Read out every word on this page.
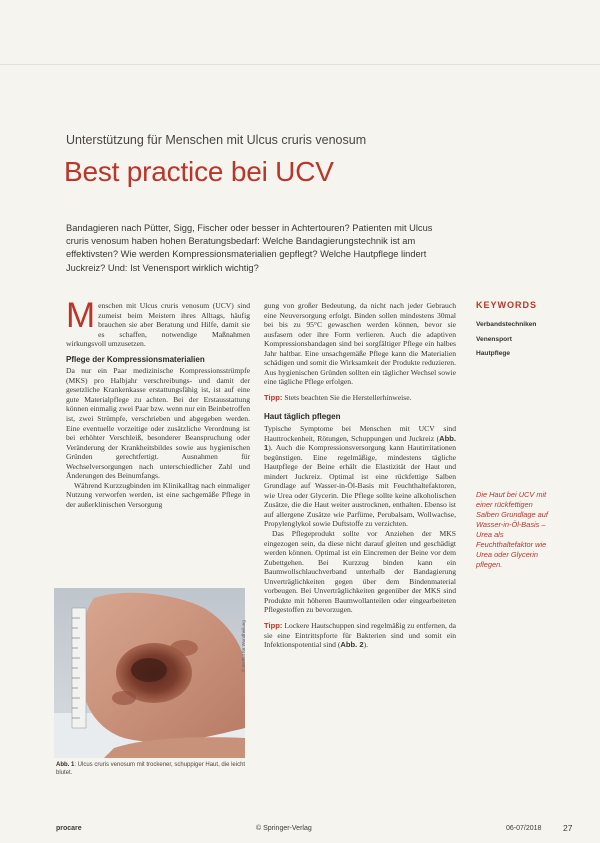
Unterstützung für Menschen mit Ulcus cruris venosum
Best practice bei UCV
Bandagieren nach Pütter, Sigg, Fischer oder besser in Achtertouren? Patienten mit Ulcus cruris venosum haben hohen Beratungsbedarf: Welche Bandagierungstechnik ist am effektivsten? Wie werden Kompressionsmaterialien gepflegt? Welche Hautpflege lindert Juckreiz? Und: Ist Venensport wirklich wichtig?
M enschen mit Ulcus cruris venosum (UCV) sind zumeist beim Meistern ihres Alltags, häufig brauchen sie aber Beratung und Hilfe, damit sie es schaffen, notwendige Maßnahmen wirkungsvoll umzusetzen.

Pflege der Kompressionsmaterialien

Da nur ein Paar medizinische Kompressionsstrümpfe (MKS) pro Halbjahr verschreibungs- und damit der gesetzliche Krankenkasse erstattungsfähig ist, ist auf eine gute Materialpflege zu achten. Bei der Erstausstattung können einmalig zwei Paar bzw. wenn nur ein Beinbetroffen ist, zwei Strümpfe, verschrieben und abgegeben werden. Eine eventuelle vorzeitige oder zusätzliche Verordnung ist bei erhöhter Verschleiß, besonderer Beanspruchung oder Veränderung der Krankheitsbildes sowie aus hygienischen Gründen gerechtfertigt. Ausnahmen für Wechselversorgungen nach unterschiedlicher Zahl und Änderungen des Beinumfangs.

Während Kurzzugbinden im Klinikalltag nach einmaliger Nutzung verworfen werden, ist eine sachgemäße Pflege in der außerklinischen Versorgung

gung von großer Bedeutung, da nicht nach jeder Gebrauch eine Neuversorgung erfolgt. Binden sollen mindestens 30mal bei bis zu 95°C gewaschen werden können, bevor sie ausfasern oder ihre Form verlieren. Auch die adaptiven Kompressionsbandagen sind bei sorgfältiger Pflege ein halbes Jahr haltbar. Eine unsachgemäße Pflege kann die Materialien schädigen und somit die Wirksamkeit der Produkte reduzieren. Aus hygienischen Gründen sollten ein täglicher Wechsel sowie eine tägliche Pflege erfolgen.

Tipp: Stets beachten Sie die Herstellerhinweise.

Haut täglich pflegen

Typische Symptome bei Menschen mit UCV sind Hauttrockenheit, Rötungen, Schuppungen und Juckreiz (Abb. 1). Auch die Kompressionsversorgung kann Hautirritationen begünstigen. Eine regelmäßige, mindestens tägliche Hautpflege der Beine erhält die Elastizität der Haut und mindert Juckreiz. Optimal ist eine rückfettige Salben Grundlage auf Wasser-in-Öl-Basis mit Feuchthaltefaktoren, wie Urea oder Glycerin. Die Pflege sollte keine alkoholischen Zusätze, die die Haut weiter austrocknen, enthalten. Ebenso ist auf allergene Zusätze wie Parfüme, Perubalsam, Wollwachse, Propylenglykol sowie Duftstoffe zu verzichten.

Das Pflegeprodukt sollte vor Anziehen der MKS eingezogen sein, da diese nicht darauf gleiten und geschädigt werden können. Optimal ist ein Eincremen der Beine vor dem Zubettgehen. Bei Kurzzug binden kann ein Baumwollschlauchverband unterhalb der Bandagierung Unverträglichkeiten gegen über dem Bindenmaterial vorbeugen. Bei Unverträglichkeiten gegenüber der MKS sind Produkte mit höheren Baumwollanteilen oder eingearbeiteten Pflegestoffen zu bevorzugen.

Tipp: Lockere Hautschuppen sind regelmäßig zu entfernen, da sie eine Eintrittspforte für Bakterien sind und somit ein Infektionspotential sind (Abb. 2).

KEYWORDS
Verbandstechniken
Venensport
Hautpflege
Die Haut bei UCV mit einer rückfettigen Salben Grundlage auf Wasser-in-Öl-Basis – Urea als Feuchthaltefaktor wie Urea oder Glycerin pflegen.
© Institut für Wundheilung
Abb. 1: Ulcus cruris venosum mit trockener, schuppiger Haut, die leicht blutet.
procare	© Springer-Verlag	06-07/2018	27
